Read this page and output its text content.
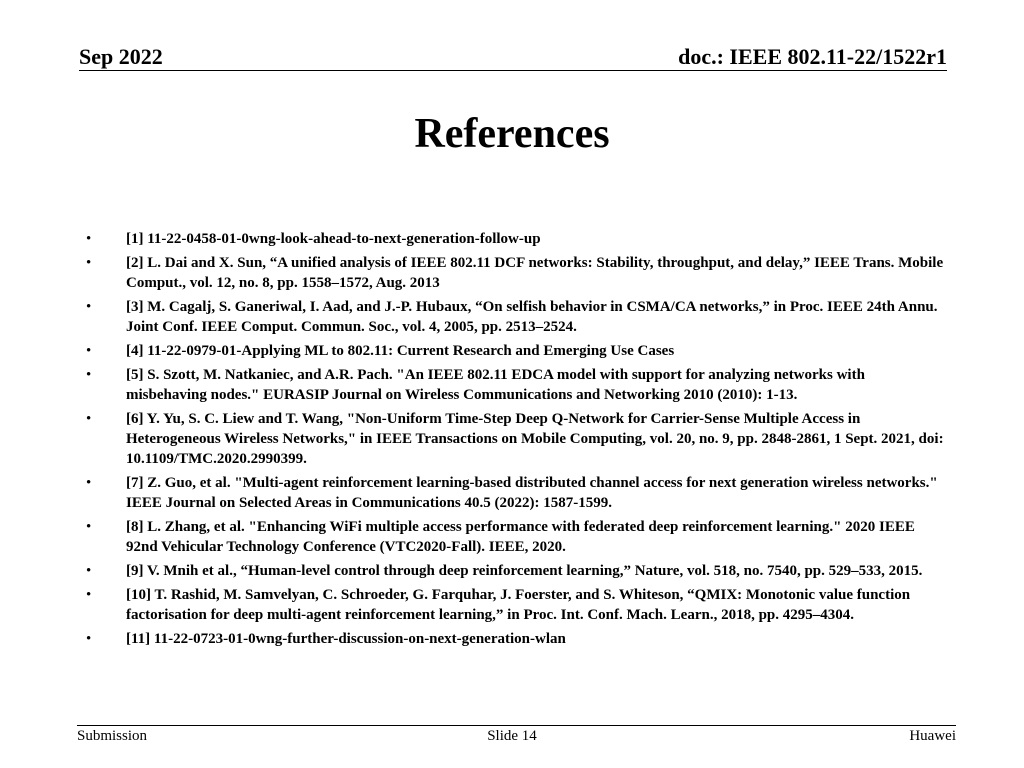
Sep 2022	doc.: IEEE 802.11-22/1522r1
References
• [1] 11-22-0458-01-0wng-look-ahead-to-next-generation-follow-up
• [2] L. Dai and X. Sun, “A unified analysis of IEEE 802.11 DCF networks: Stability, throughput, and delay,” IEEE Trans. Mobile Comput., vol. 12, no. 8, pp. 1558–1572, Aug. 2013
• [3] M. Cagalj, S. Ganeriwal, I. Aad, and J.-P. Hubaux, “On selfish behavior in CSMA/CA networks,” in Proc. IEEE 24th Annu. Joint Conf. IEEE Comput. Commun. Soc., vol. 4, 2005, pp. 2513–2524.
• [4] 11-22-0979-01-Applying ML to 802.11: Current Research and Emerging Use Cases
• [5] S. Szott, M. Natkaniec, and A.R. Pach. "An IEEE 802.11 EDCA model with support for analyzing networks with misbehaving nodes." EURASIP Journal on Wireless Communications and Networking 2010 (2010): 1-13.
• [6] Y. Yu, S. C. Liew and T. Wang, "Non-Uniform Time-Step Deep Q-Network for Carrier-Sense Multiple Access in Heterogeneous Wireless Networks," in IEEE Transactions on Mobile Computing, vol. 20, no. 9, pp. 2848-2861, 1 Sept. 2021, doi: 10.1109/TMC.2020.2990399.
• [7] Z. Guo, et al. "Multi-agent reinforcement learning-based distributed channel access for next generation wireless networks." IEEE Journal on Selected Areas in Communications 40.5 (2022): 1587-1599.
• [8] L. Zhang, et al. "Enhancing WiFi multiple access performance with federated deep reinforcement learning." 2020 IEEE 92nd Vehicular Technology Conference (VTC2020-Fall). IEEE, 2020.
• [9] V. Mnih et al., “Human-level control through deep reinforcement learning,” Nature, vol. 518, no. 7540, pp. 529–533, 2015.
• [10] T. Rashid, M. Samvelyan, C. Schroeder, G. Farquhar, J. Foerster, and S. Whiteson, “QMIX: Monotonic value function factorisation for deep multi-agent reinforcement learning,” in Proc. Int. Conf. Mach. Learn., 2018, pp. 4295–4304.
• [11] 11-22-0723-01-0wng-further-discussion-on-next-generation-wlan
Submission	Slide 14	Huawei
